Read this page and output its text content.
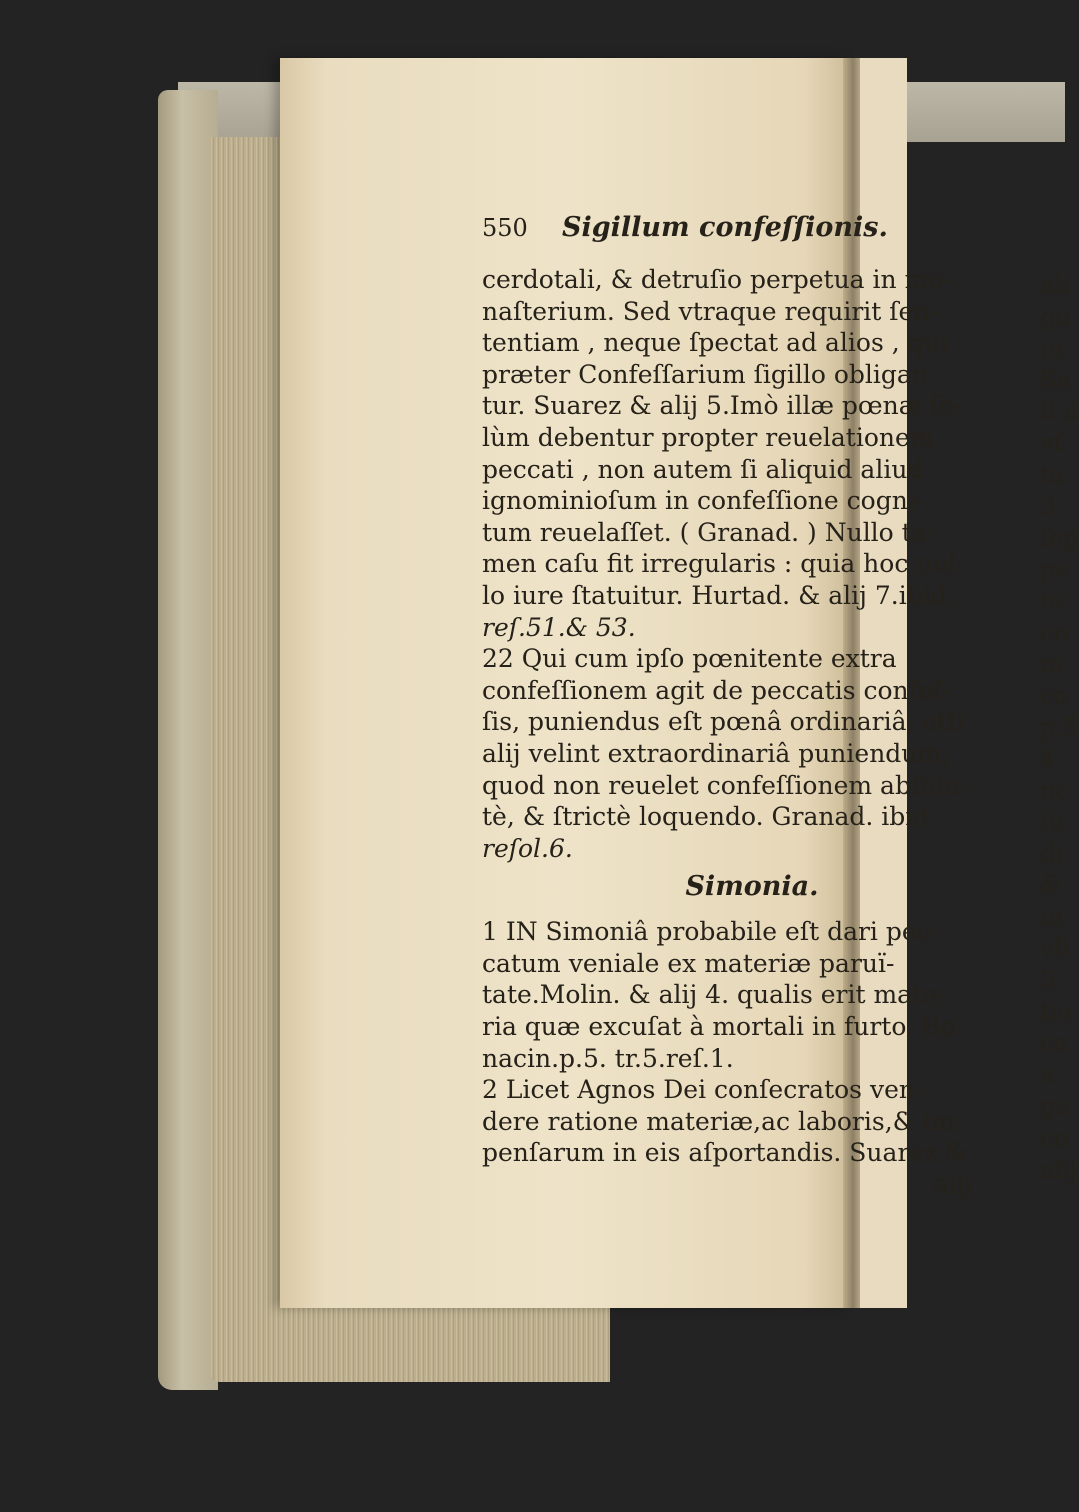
550	Sigillum confeſſionis.
cerdotali, & detruſio perpetua in mo-
naſterium. Sed vtraque requirit ſen-
tentiam , neque ſpectat ad alios , qui
præter Confeſſarium ſigillo obligan-
tur. Suarez & alij 5.Imò illæ pœnæ ſo-
lùm debentur propter reuelationem
peccati , non autem ſi aliquid aliud
ignominioſum in confeſſione cogni-
tum reuelaſſet. ( Granad. ) Nullo ta-
men caſu fit irregularis : quia hoc nul-
lo iure ſtatuitur. Hurtad. & alij 7.ibid.
reſ.51.& 53.
22 Qui cum ipſo pœnitente extra
confeſſionem agit de peccatis confeſ-
ſis, puniendus eſt pœnâ ordinariâ, etſi
alij velint extraordinariâ puniendum;
quod non reuelet confeſſionem abſolu-
tè, & ſtrictè loquendo. Granad. ibid.
reſol.6.
Simonia.
1 IN Simoniâ probabile eſt dari pec-
catum veniale ex materiæ paruï-
tate.Molin. & alij 4. qualis erit mate-
ria quæ excuſat à mortali in furto. Bo-
nacin.p.5. tr.5.reſ.1.
2 Licet Agnos Dei conſecratos ven-
dere ratione materiæ,ac laboris,& im-
penſarum in eis aſportandis. Suarez &
alij
ali
qu
pi
Sa
ſi a
vſ
ta
3
ſep
pe
te
co
m
co
p.5
4
nc
ſu
di
&
in
vll
5
tio
ce
v.
ga
co
alij
